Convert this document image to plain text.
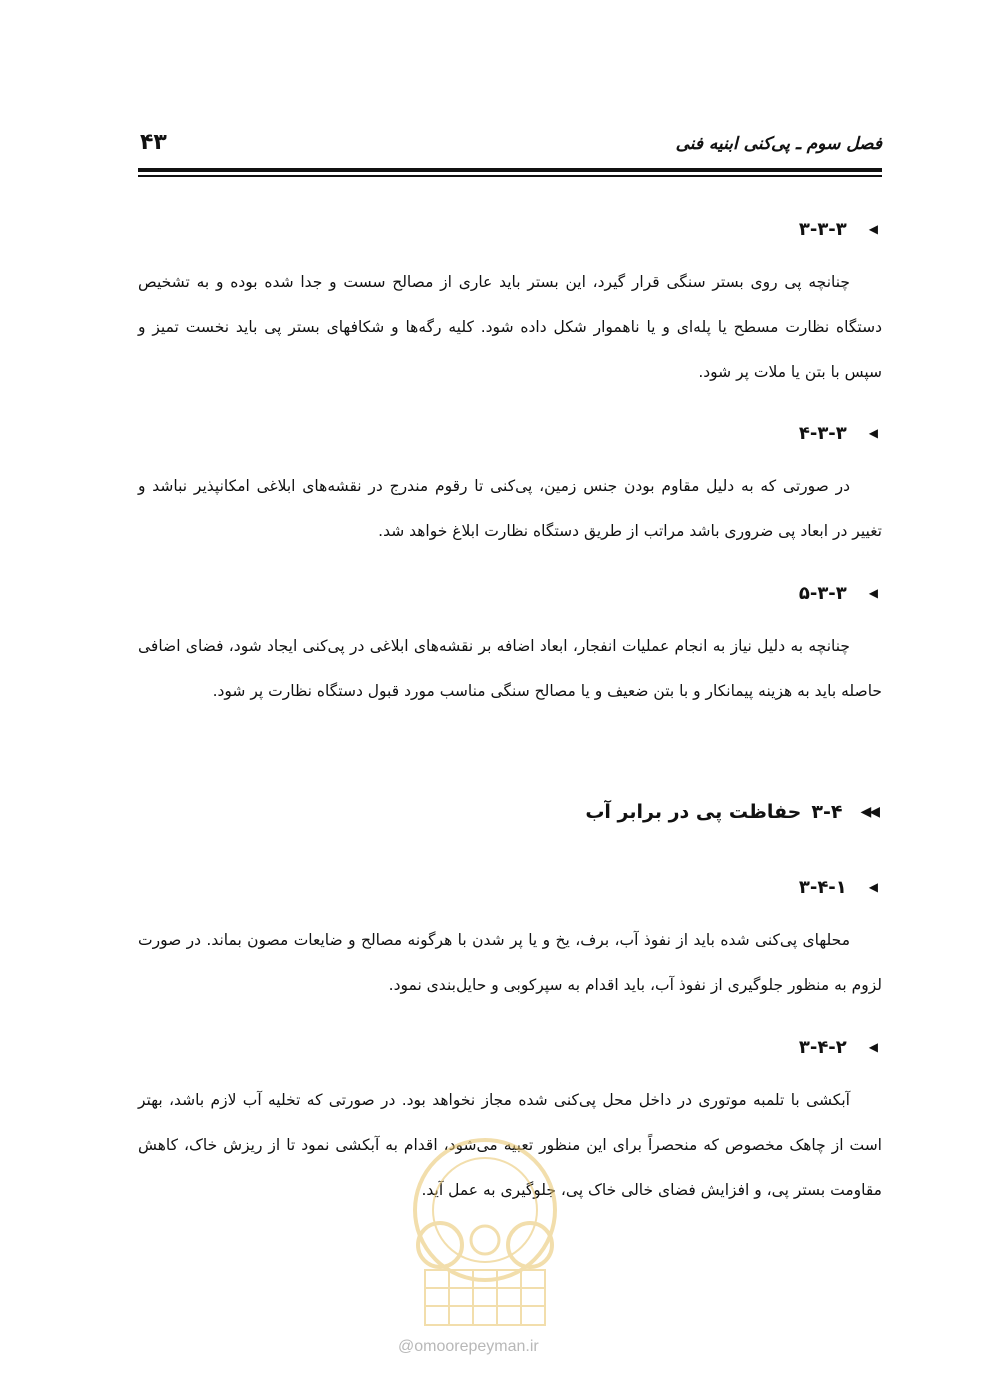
فصل سوم ـ پی‌کنی ابنیه فنی
۴۳
◀
۳-۳-۳
چنانچه پی روی بستر سنگی قرار گیرد، این بستر باید عاری از مصالح سست و جدا شده بوده و به تشخیص دستگاه نظارت مسطح یا پله‌ای و یا ناهموار شکل داده شود. کلیه رگه‌ها و شکافهای بستر پی باید نخست تمیز و سپس با بتن یا ملات پر شود.
◀
۴-۳-۳
در صورتی که به دلیل مقاوم بودن جنس زمین، پی‌کنی تا رقوم مندرج در نقشه‌های ابلاغی امکانپذیر نباشد و تغییر در ابعاد پی ضروری باشد مراتب از طریق دستگاه نظارت ابلاغ خواهد شد.
◀
۵-۳-۳
چنانچه به دلیل نیاز به انجام عملیات انفجار، ابعاد اضافه بر نقشه‌های ابلاغی در پی‌کنی ایجاد شود، فضای اضافی حاصله باید به هزینه پیمانکار و با بتن ضعیف و یا مصالح سنگی مناسب مورد قبول دستگاه نظارت پر شود.
◀◀
۳-۴
حفاظت پی در برابر آب
◀
۳-۴-۱
محلهای پی‌کنی شده باید از نفوذ آب، برف، یخ و یا پر شدن با هرگونه مصالح و ضایعات مصون بماند. در صورت لزوم به منظور جلوگیری از نفوذ آب، باید اقدام به سپرکوبی و حایل‌بندی نمود.
◀
۳-۴-۲
آبکشی با تلمبه موتوری در داخل محل پی‌کنی شده مجاز نخواهد بود. در صورتی که تخلیه آب لازم باشد، بهتر است از چاهک مخصوص که منحصراً برای این منظور تعبیه می‌شود، اقدام به آبکشی نمود تا از ریزش خاک، کاهش مقاومت بستر پی، و افزایش فضای خالی خاک پی، جلوگیری به عمل آید.
@omoorepeyman.ir
